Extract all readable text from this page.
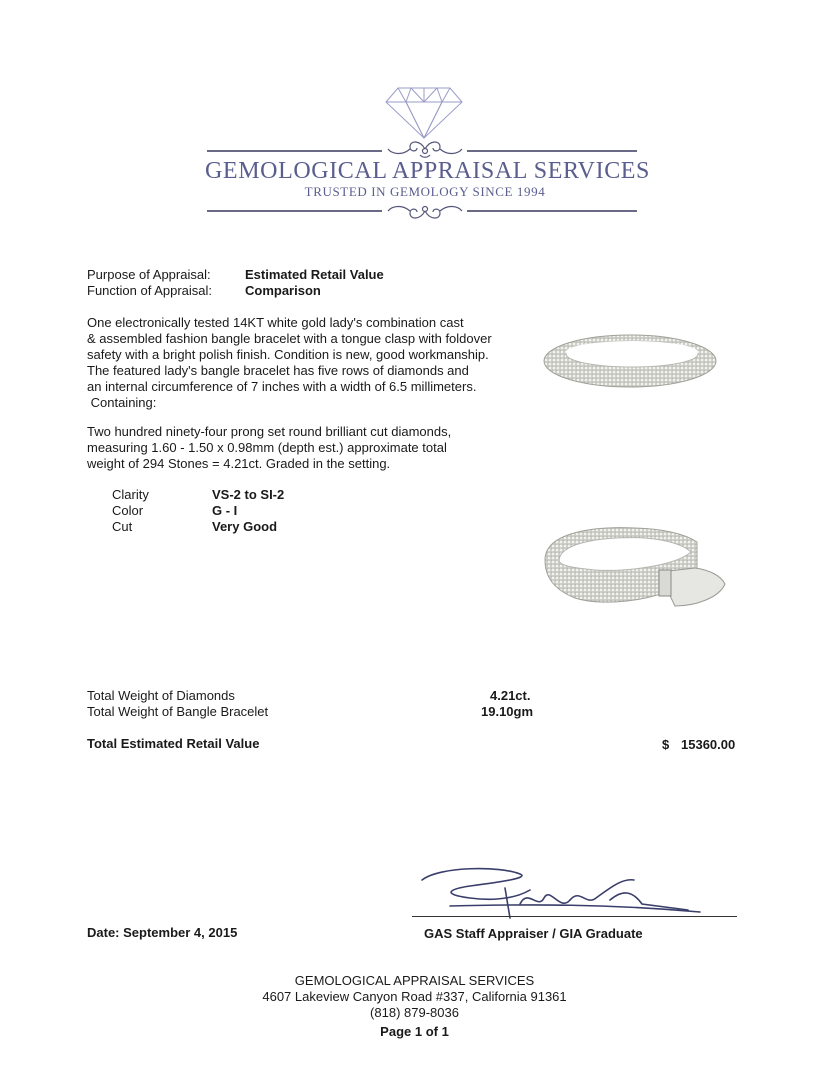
GEMOLOGICAL APPRAISAL SERVICES
TRUSTED IN GEMOLOGY SINCE 1994
Purpose of Appraisal:	Estimated Retail Value
Function of Appraisal:	Comparison
One electronically tested 14KT white gold lady's combination cast
& assembled fashion bangle bracelet with a tongue clasp with foldover
safety with a bright polish finish. Condition is new, good workmanship.
The featured lady's bangle bracelet has five rows of diamonds and
an internal circumference of 7 inches with a width of 6.5 millimeters.
Containing:
Two hundred ninety-four prong set round brilliant cut diamonds,
measuring 1.60 - 1.50 x 0.98mm (depth est.) approximate total
weight of 294 Stones = 4.21ct. Graded in the setting.
Clarity	VS-2 to SI-2
Color	G - I
Cut	Very Good
Total Weight of Diamonds	4.21ct.
Total Weight of Bangle Bracelet	19.10gm
Total Estimated Retail Value	$ 15360.00
Date: September 4, 2015	GAS Staff Appraiser / GIA Graduate
GEMOLOGICAL APPRAISAL SERVICES
4607 Lakeview Canyon Road #337, California 91361
(818) 879-8036
Page 1 of 1
